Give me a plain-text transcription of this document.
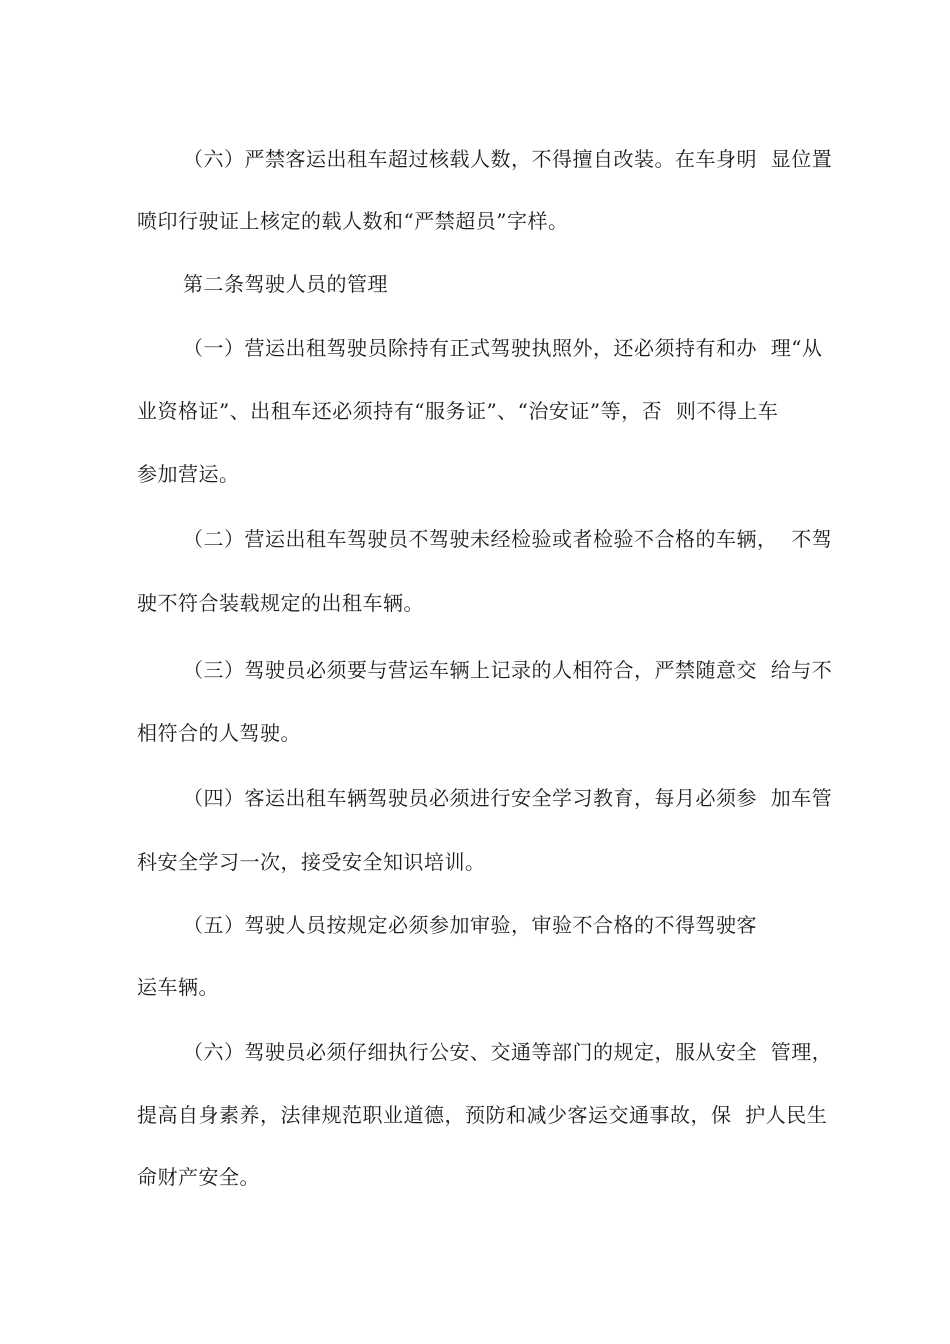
（六）严禁客运出租车超过核载人数，不得擅自改装。在车身明  显位置
喷印行驶证上核定的载人数和“严禁超员”字样。
第二条驾驶人员的管理
（一）营运出租驾驶员除持有正式驾驶执照外，还必须持有和办  理“从
业资格证”、出租车还必须持有“服务证”、“治安证”等，否  则不得上车
参加营运。
（二）营运出租车驾驶员不驾驶未经检验或者检验不合格的车辆，  不驾
驶不符合装载规定的出租车辆。
（三）驾驶员必须要与营运车辆上记录的人相符合，严禁随意交  给与不
相符合的人驾驶。
（四）客运出租车辆驾驶员必须进行安全学习教育，每月必须参  加车管
科安全学习一次，接受安全知识培训。
（五）驾驶人员按规定必须参加审验，审验不合格的不得驾驶客
运车辆。
（六）驾驶员必须仔细执行公安、交通等部门的规定，服从安全  管理，
提高自身素养，法律规范职业道德，预防和减少客运交通事故，保  护人民生
命财产安全。
